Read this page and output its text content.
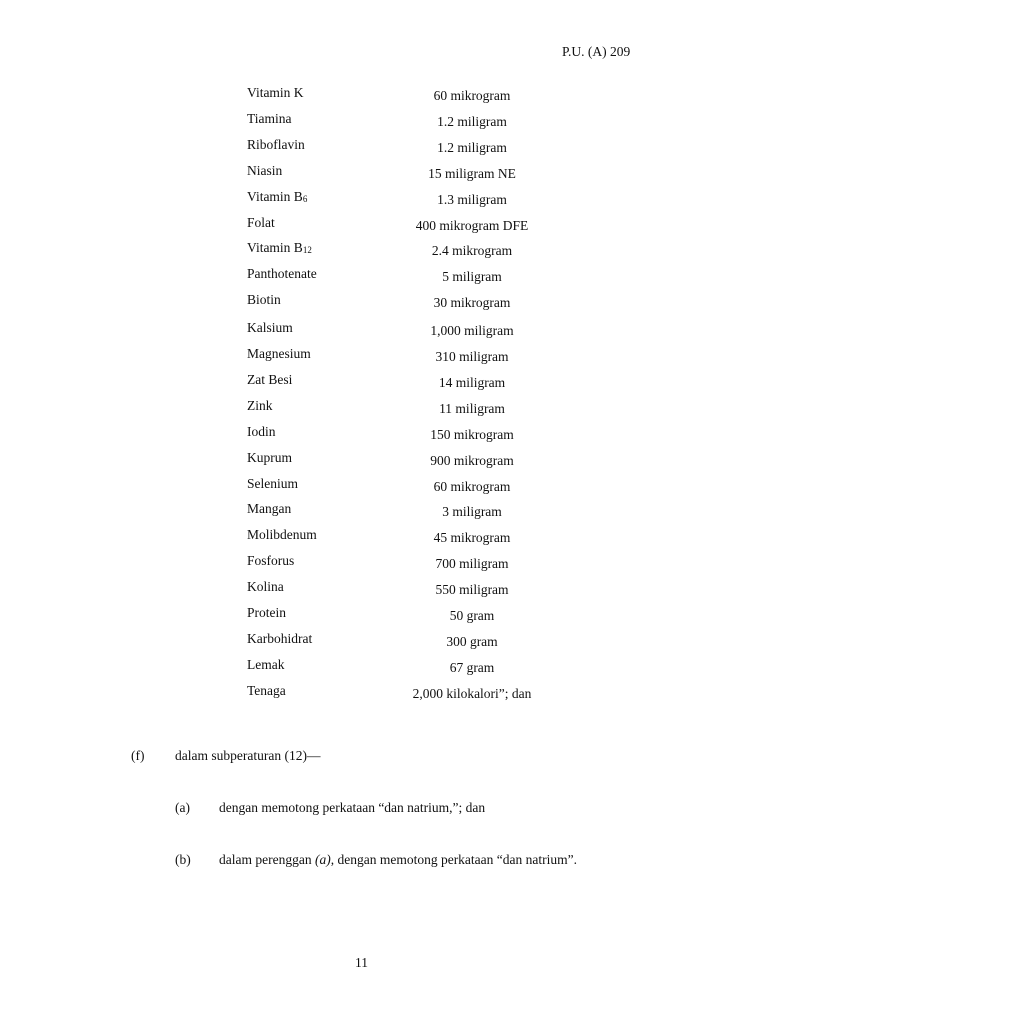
P.U. (A) 209
Vitamin K	60 mikrogram
Tiamina	1.2 miligram
Riboflavin	1.2 miligram
Niasin	15 miligram NE
Vitamin $B_6$	1.3 miligram
Folat	400 mikrogram DFE
Vitamin $B_{12}$	2.4 mikrogram
Panthotenate	5 miligram
Biotin	30 mikrogram
Kalsium	1,000 miligram
Magnesium	310 miligram
Zat Besi	14 miligram
Zink	11 miligram
Iodin	150 mikrogram
Kuprum	900 mikrogram
Selenium	60 mikrogram
Mangan	3 miligram
Molibdenum	45 mikrogram
Fosforus	700 miligram
Kolina	550 miligram
Protein	50 gram
Karbohidrat	300 gram
Lemak	67 gram
Tenaga	2,000 kilokalori”; dan
(f) dalam subperaturan (12)—
(a) dengan memotong perkataan “dan natrium,”; dan
(b) dalam perenggan (a), dengan memotong perkataan “dan natrium”.
11
